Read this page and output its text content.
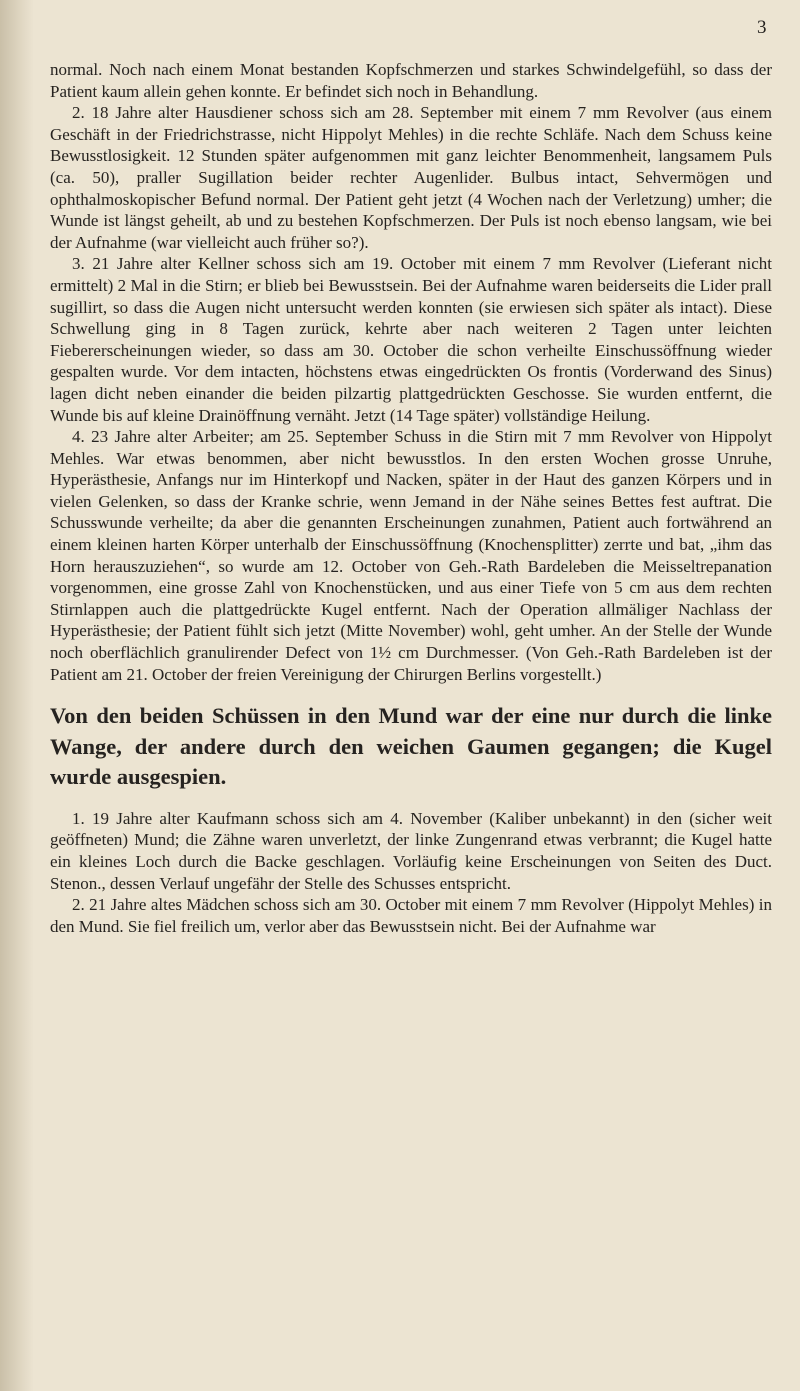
3

normal. Noch nach einem Monat bestanden Kopfschmerzen und starkes Schwindelgefühl, so dass der Patient kaum allein gehen konnte. Er befindet sich noch in Behandlung.

2. 18 Jahre alter Hausdiener schoss sich am 28. September mit einem 7 mm Revolver (aus einem Geschäft in der Friedrichstrasse, nicht Hippolyt Mehles) in die rechte Schläfe. Nach dem Schuss keine Bewusstlosigkeit. 12 Stunden später aufgenommen mit ganz leichter Benommenheit, langsamem Puls (ca. 50), praller Sugillation beider rechter Augenlider. Bulbus intact, Sehvermögen und ophthalmoskopischer Befund normal. Der Patient geht jetzt (4 Wochen nach der Verletzung) umher; die Wunde ist längst geheilt, ab und zu bestehen Kopfschmerzen. Der Puls ist noch ebenso langsam, wie bei der Aufnahme (war vielleicht auch früher so?).

3. 21 Jahre alter Kellner schoss sich am 19. October mit einem 7 mm Revolver (Lieferant nicht ermittelt) 2 Mal in die Stirn; er blieb bei Bewusstsein. Bei der Aufnahme waren beiderseits die Lider prall sugillirt, so dass die Augen nicht untersucht werden konnten (sie erwiesen sich später als intact). Diese Schwellung ging in 8 Tagen zurück, kehrte aber nach weiteren 2 Tagen unter leichten Fiebererscheinungen wieder, so dass am 30. October die schon verheilte Einschussöffnung wieder gespalten wurde. Vor dem intacten, höchstens etwas eingedrückten Os frontis (Vorderwand des Sinus) lagen dicht neben einander die beiden pilzartig plattgedrückten Geschosse. Sie wurden entfernt, die Wunde bis auf kleine Drainöffnung vernäht. Jetzt (14 Tage später) vollständige Heilung.

4. 23 Jahre alter Arbeiter; am 25. September Schuss in die Stirn mit 7 mm Revolver von Hippolyt Mehles. War etwas benommen, aber nicht bewusstlos. In den ersten Wochen grosse Unruhe, Hyperästhesie, Anfangs nur im Hinterkopf und Nacken, später in der Haut des ganzen Körpers und in vielen Gelenken, so dass der Kranke schrie, wenn Jemand in der Nähe seines Bettes fest auftrat. Die Schusswunde verheilte; da aber die genannten Erscheinungen zunahmen, Patient auch fortwährend an einem kleinen harten Körper unterhalb der Einschussöffnung (Knochensplitter) zerrte und bat, „ihm das Horn herauszuziehen“, so wurde am 12. October von Geh.-Rath Bardeleben die Meisseltrepanation vorgenommen, eine grosse Zahl von Knochenstücken, und aus einer Tiefe von 5 cm aus dem rechten Stirnlappen auch die plattgedrückte Kugel entfernt. Nach der Operation allmäliger Nachlass der Hyperästhesie; der Patient fühlt sich jetzt (Mitte November) wohl, geht umher. An der Stelle der Wunde noch oberflächlich granulirender Defect von 1½ cm Durchmesser. (Von Geh.-Rath Bardeleben ist der Patient am 21. October der freien Vereinigung der Chirurgen Berlins vorgestellt.)

Von den beiden Schüssen in den Mund war der eine nur durch die linke Wange, der andere durch den weichen Gaumen gegangen; die Kugel wurde ausgespien.

1. 19 Jahre alter Kaufmann schoss sich am 4. November (Kaliber unbekannt) in den (sicher weit geöffneten) Mund; die Zähne waren unverletzt, der linke Zungenrand etwas verbrannt; die Kugel hatte ein kleines Loch durch die Backe geschlagen. Vorläufig keine Erscheinungen von Seiten des Duct. Stenon., dessen Verlauf ungefähr der Stelle des Schusses entspricht.

2. 21 Jahre altes Mädchen schoss sich am 30. October mit einem 7 mm Revolver (Hippolyt Mehles) in den Mund. Sie fiel freilich um, verlor aber das Bewusstsein nicht. Bei der Aufnahme war
